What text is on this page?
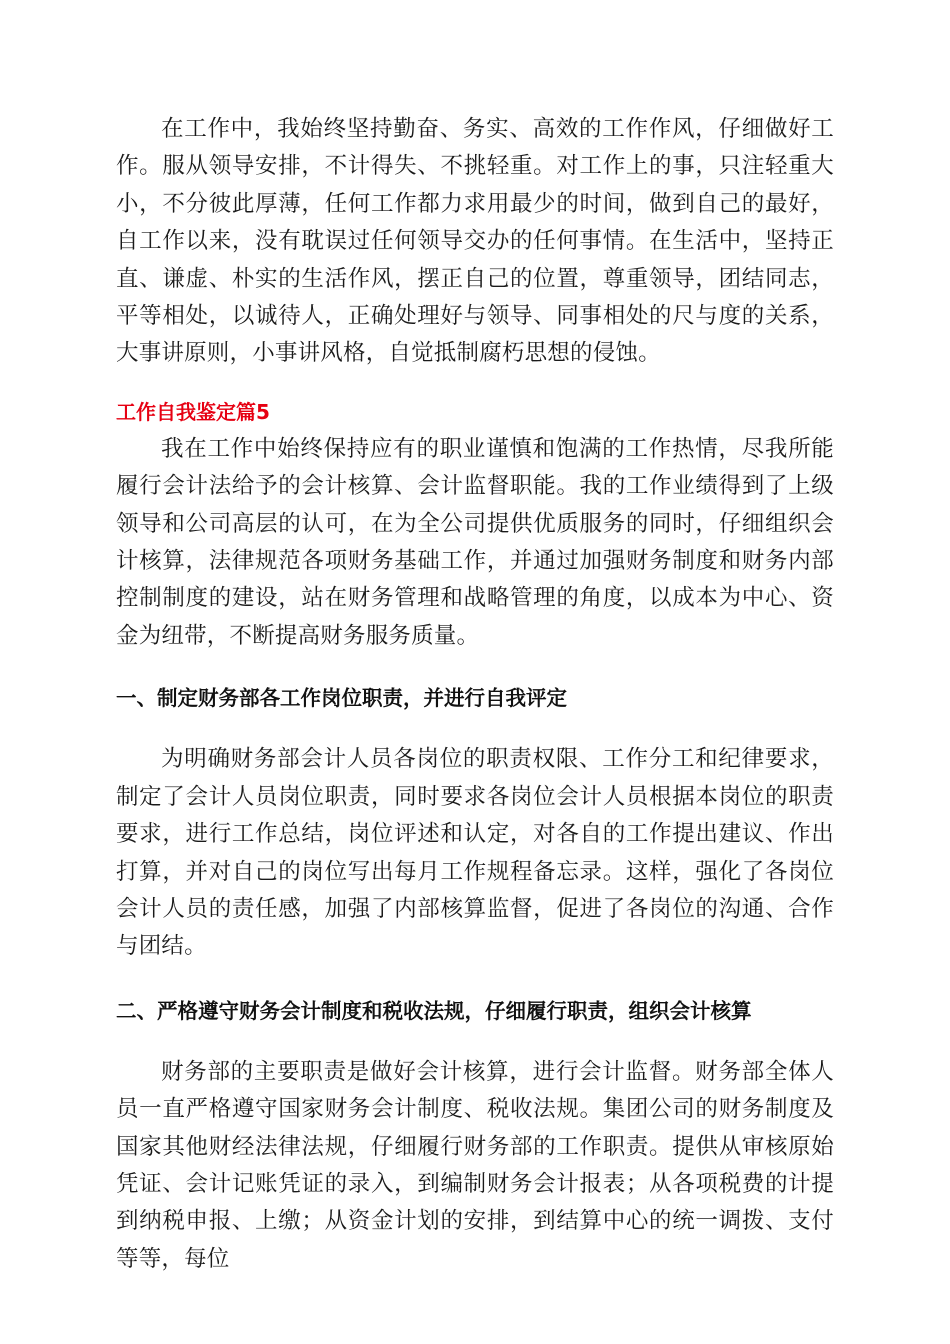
在工作中，我始终坚持勤奋、务实、高效的工作作风，仔细做好工作。服从领导安排，不计得失、不挑轻重。对工作上的事，只注轻重大小，不分彼此厚薄，任何工作都力求用最少的时间，做到自己的最好，自工作以来，没有耽误过任何领导交办的任何事情。在生活中，坚持正直、谦虚、朴实的生活作风，摆正自己的位置，尊重领导，团结同志，平等相处，以诚待人，正确处理好与领导、同事相处的尺与度的关系，大事讲原则，小事讲风格，自觉抵制腐朽思想的侵蚀。

工作自我鉴定篇5

我在工作中始终保持应有的职业谨慎和饱满的工作热情，尽我所能履行会计法给予的会计核算、会计监督职能。我的工作业绩得到了上级领导和公司高层的认可，在为全公司提供优质服务的同时，仔细组织会计核算，法律规范各项财务基础工作，并通过加强财务制度和财务内部控制制度的建设，站在财务管理和战略管理的角度，以成本为中心、资金为纽带，不断提高财务服务质量。

一、制定财务部各工作岗位职责，并进行自我评定

为明确财务部会计人员各岗位的职责权限、工作分工和纪律要求，制定了会计人员岗位职责，同时要求各岗位会计人员根据本岗位的职责要求，进行工作总结，岗位评述和认定，对各自的工作提出建议、作出打算，并对自己的岗位写出每月工作规程备忘录。这样，强化了各岗位会计人员的责任感，加强了内部核算监督，促进了各岗位的沟通、合作与团结。

二、严格遵守财务会计制度和税收法规，仔细履行职责，组织会计核算

财务部的主要职责是做好会计核算，进行会计监督。财务部全体人员一直严格遵守国家财务会计制度、税收法规。集团公司的财务制度及国家其他财经法律法规，仔细履行财务部的工作职责。提供从审核原始凭证、会计记账凭证的录入，到编制财务会计报表；从各项税费的计提到纳税申报、上缴；从资金计划的安排，到结算中心的统一调拨、支付等等，每位
